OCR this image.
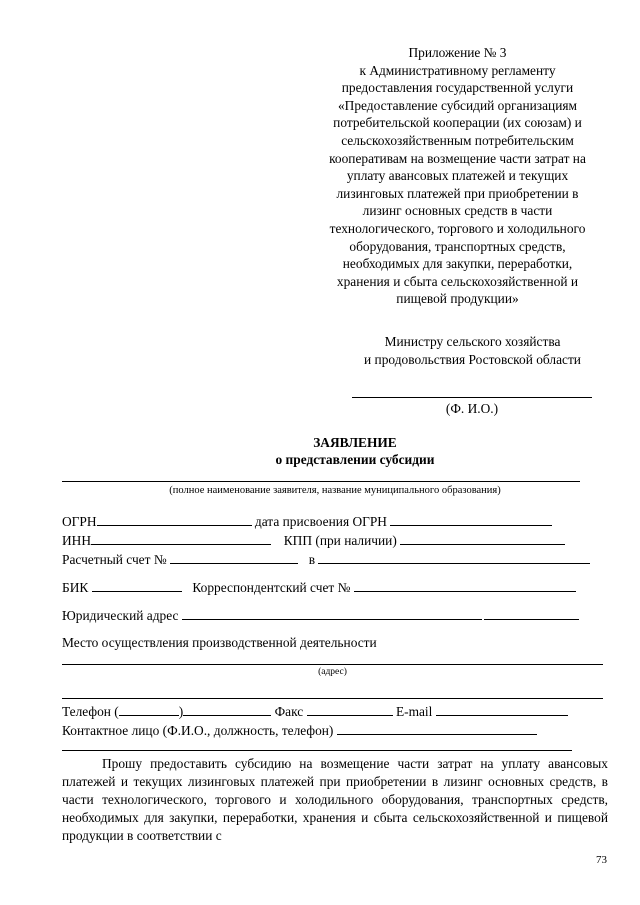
Приложение № 3
к Административному регламенту
предоставления государственной услуги
«Предоставление субсидий организациям
потребительской кооперации (их союзам) и
сельскохозяйственным потребительским
кооперативам на возмещение части затрат на
уплату авансовых платежей и текущих
лизинговых платежей при приобретении в
лизинг основных средств в части
технологического, торгового и холодильного
оборудования, транспортных средств,
необходимых для закупки, переработки,
хранения и сбыта сельскохозяйственной и
пищевой продукции»
Министру сельского хозяйства
и продовольствия Ростовской области
(Ф. И.О.)
ЗАЯВЛЕНИЕ
о представлении субсидии
(полное наименование заявителя, название муниципального образования)
ОГРН	дата присвоения ОГРН
ИНН	КПП (при наличии)
Расчетный счет №	в
БИК	Корреспондентский счет №
Юридический адрес
Место осуществления производственной деятельности
(адрес)
Телефон (	)	Факс	E-mail
Контактное лицо (Ф.И.О., должность, телефон)
Прошу предоставить субсидию на возмещение части затрат на уплату авансовых платежей и текущих лизинговых платежей при приобретении в лизинг основных средств, в части технологического, торгового и холодильного оборудования, транспортных средств, необходимых для закупки, переработки, хранения и сбыта сельскохозяйственной и пищевой продукции в соответствии с
73
